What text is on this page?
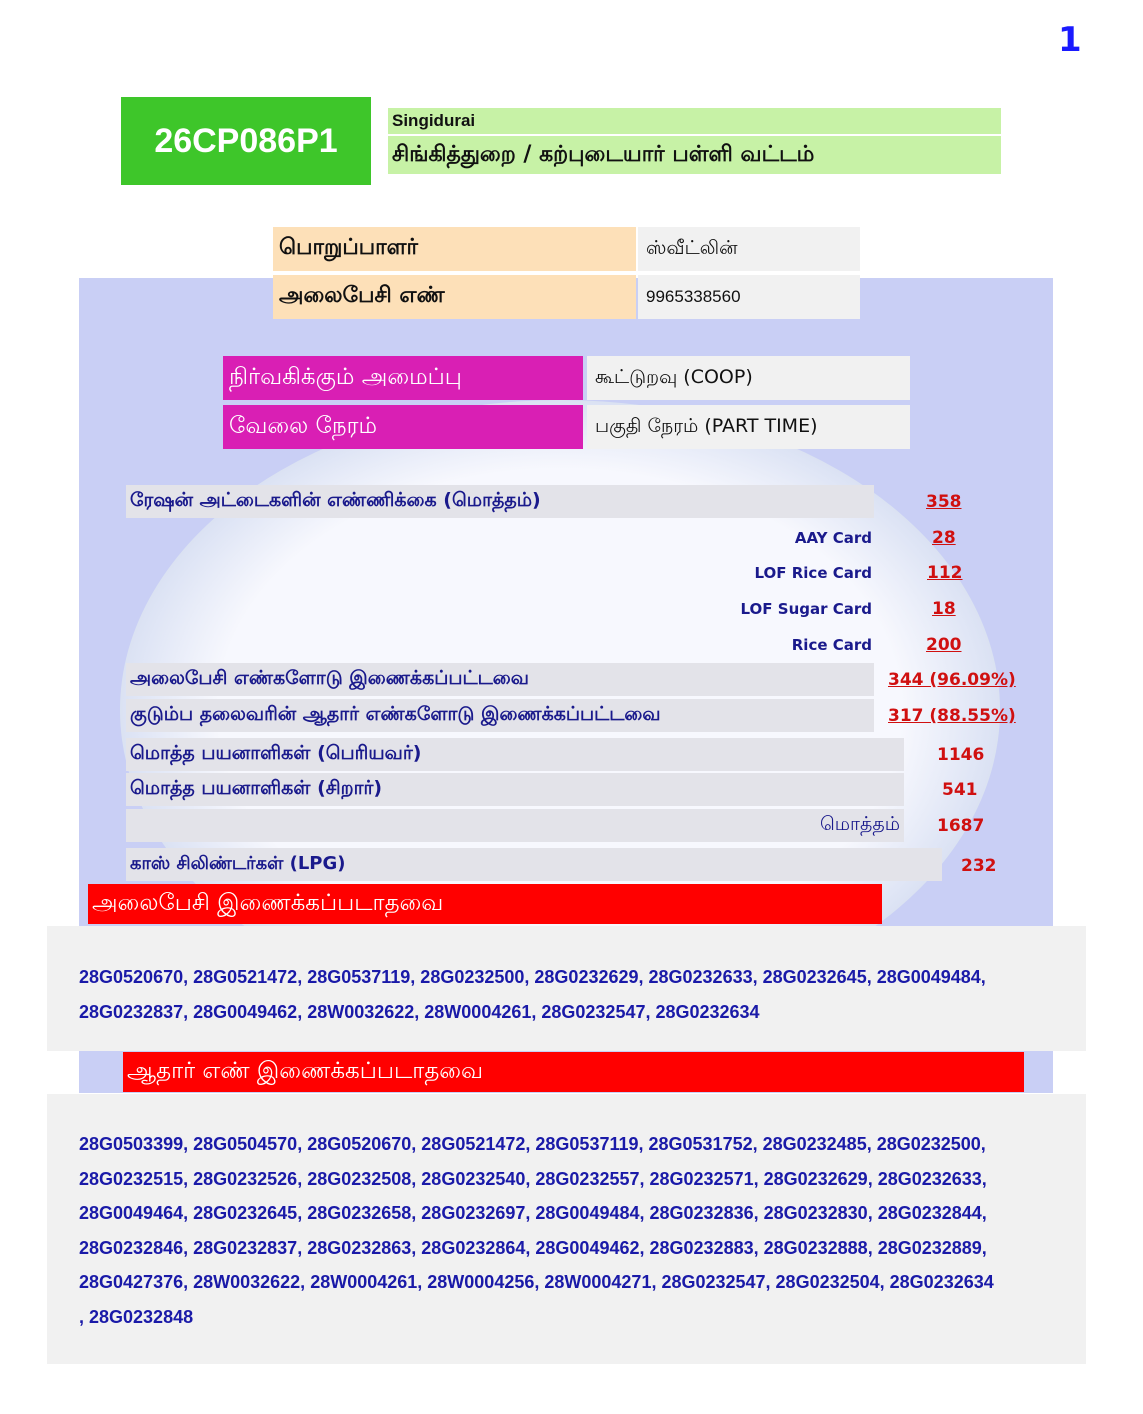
1
26CP086P1
Singidurai
சிங்கித்துறை / கற்புடையார் பள்ளி வட்டம்
பொறுப்பாளர்	ஸ்வீட்லின்
அலைபேசி எண்	9965338560
நிர்வகிக்கும் அமைப்பு	கூட்டுறவு (COOP)
வேலை நேரம்	பகுதி நேரம் (PART TIME)
ரேஷன் அட்டைகளின் எண்ணிக்கை (மொத்தம்)	358
AAY Card	28
LOF Rice Card	112
LOF Sugar Card	18
Rice Card	200
அலைபேசி எண்களோடு இணைக்கப்பட்டவை	344 (96.09%)
குடும்ப தலைவரின் ஆதார் எண்களோடு இணைக்கப்பட்டவை	317 (88.55%)
மொத்த பயனாளிகள் (பெரியவர்)	1146
மொத்த பயனாளிகள் (சிறார்)	541
மொத்தம் 1687
காஸ் சிலிண்டர்கள் (LPG)	232
அலைபேசி இணைக்கப்படாதவை
28G0520670, 28G0521472, 28G0537119, 28G0232500, 28G0232629, 28G0232633, 28G0232645, 28G0049484,
28G0232837, 28G0049462, 28W0032622, 28W0004261, 28G0232547, 28G0232634
ஆதார் எண் இணைக்கப்படாதவை
28G0503399, 28G0504570, 28G0520670, 28G0521472, 28G0537119, 28G0531752, 28G0232485, 28G0232500,
28G0232515, 28G0232526, 28G0232508, 28G0232540, 28G0232557, 28G0232571, 28G0232629, 28G0232633,
28G0049464, 28G0232645, 28G0232658, 28G0232697, 28G0049484, 28G0232836, 28G0232830, 28G0232844,
28G0232846, 28G0232837, 28G0232863, 28G0232864, 28G0049462, 28G0232883, 28G0232888, 28G0232889,
28G0427376, 28W0032622, 28W0004261, 28W0004256, 28W0004271, 28G0232547, 28G0232504, 28G0232634
, 28G0232848
